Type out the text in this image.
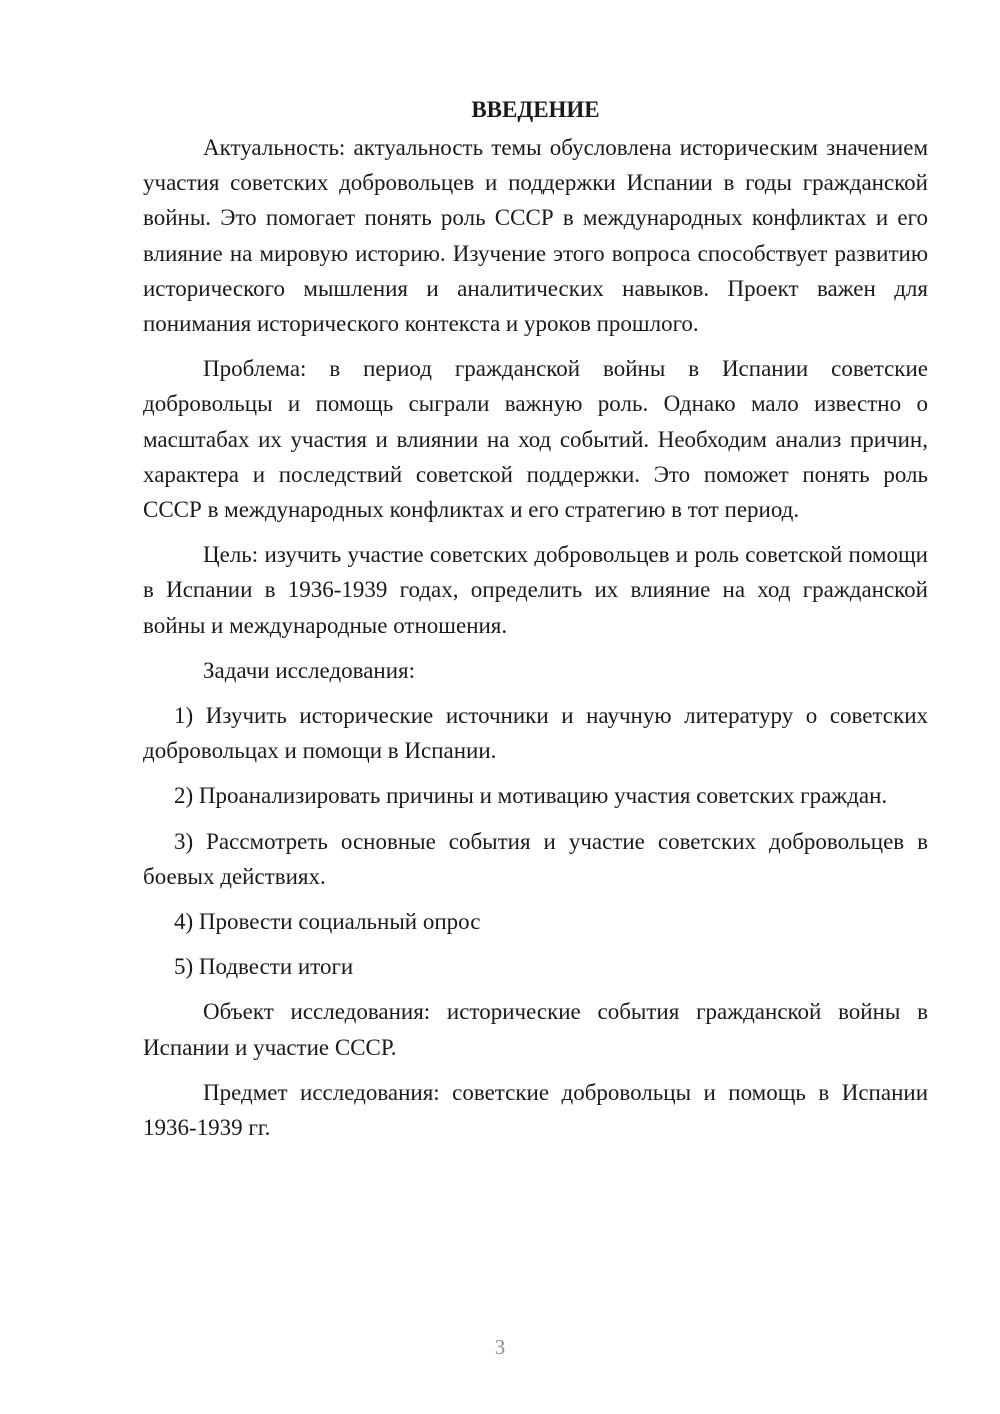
ВВЕДЕНИЕ

Актуальность: актуальность темы обусловлена историческим значением участия советских добровольцев и поддержки Испании в годы гражданской войны. Это помогает понять роль СССР в международных конфликтах и его влияние на мировую историю. Изучение этого вопроса способствует развитию исторического мышления и аналитических навыков. Проект важен для понимания исторического контекста и уроков прошлого.

Проблема: в период гражданской войны в Испании советские добровольцы и помощь сыграли важную роль. Однако мало известно о масштабах их участия и влиянии на ход событий. Необходим анализ причин, характера и последствий советской поддержки. Это поможет понять роль СССР в международных конфликтах и его стратегию в тот период.

Цель: изучить участие советских добровольцев и роль советской помощи в Испании в 1936-1939 годах, определить их влияние на ход гражданской войны и международные отношения.

Задачи исследования:

1) Изучить исторические источники и научную литературу о советских добровольцах и помощи в Испании.

2) Проанализировать причины и мотивацию участия советских граждан.

3) Рассмотреть основные события и участие советских добровольцев в боевых действиях.

4) Провести социальный опрос

5) Подвести итоги

Объект исследования: исторические события гражданской войны в Испании и участие СССР.

Предмет исследования: советские добровольцы и помощь в Испании 1936-1939 гг.

3
